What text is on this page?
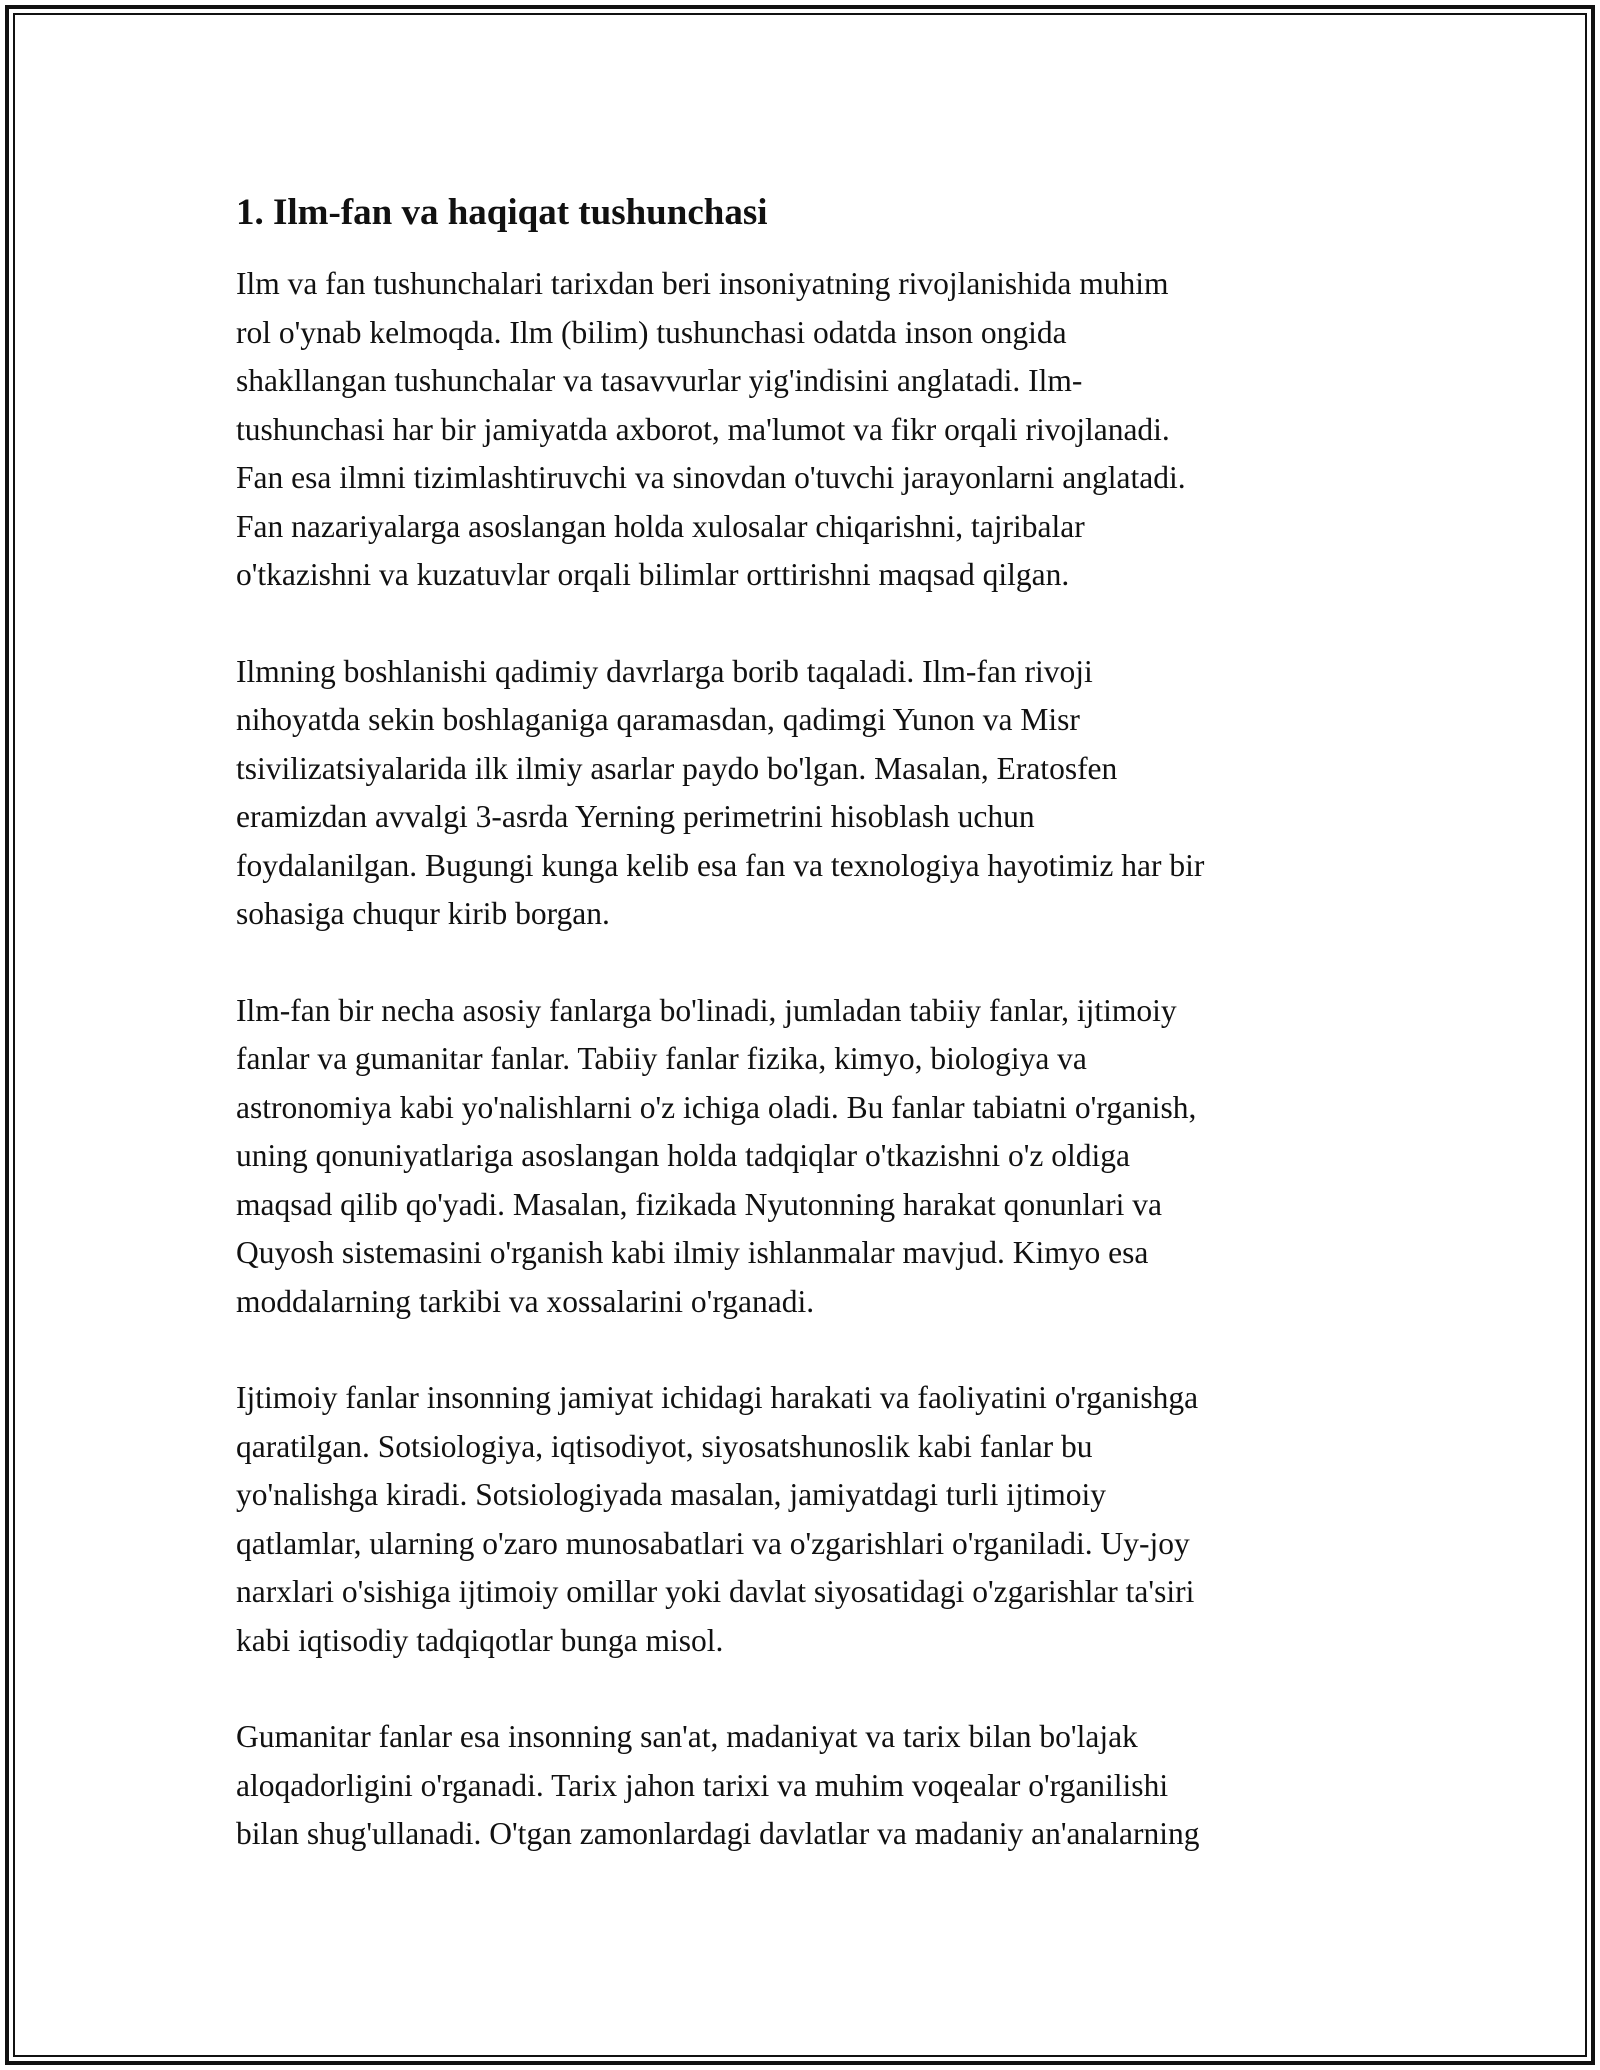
1. Ilm-fan va haqiqat tushunchasi
Ilm va fan tushunchalari tarixdan beri insoniyatning rivojlanishida muhim
rol o'ynab kelmoqda. Ilm (bilim) tushunchasi odatda inson ongida
shakllangan tushunchalar va tasavvurlar yig'indisini anglatadi. Ilm-
tushunchasi har bir jamiyatda axborot, ma'lumot va fikr orqali rivojlanadi.
Fan esa ilmni tizimlashtiruvchi va sinovdan o'tuvchi jarayonlarni anglatadi.
Fan nazariyalarga asoslangan holda xulosalar chiqarishni, tajribalar
o'tkazishni va kuzatuvlar orqali bilimlar orttirishni maqsad qilgan.
Ilmning boshlanishi qadimiy davrlarga borib taqaladi. Ilm-fan rivoji
nihoyatda sekin boshlaganiga qaramasdan, qadimgi Yunon va Misr
tsivilizatsiyalarida ilk ilmiy asarlar paydo bo'lgan. Masalan, Eratosfen
eramizdan avvalgi 3-asrda Yerning perimetrini hisoblash uchun
foydalanilgan. Bugungi kunga kelib esa fan va texnologiya hayotimiz har bir
sohasiga chuqur kirib borgan.
Ilm-fan bir necha asosiy fanlarga bo'linadi, jumladan tabiiy fanlar, ijtimoiy
fanlar va gumanitar fanlar. Tabiiy fanlar fizika, kimyo, biologiya va
astronomiya kabi yo'nalishlarni o'z ichiga oladi. Bu fanlar tabiatni o'rganish,
uning qonuniyatlariga asoslangan holda tadqiqlar o'tkazishni o'z oldiga
maqsad qilib qo'yadi. Masalan, fizikada Nyutonning harakat qonunlari va
Quyosh sistemasini o'rganish kabi ilmiy ishlanmalar mavjud. Kimyo esa
moddalarning tarkibi va xossalarini o'rganadi.
Ijtimoiy fanlar insonning jamiyat ichidagi harakati va faoliyatini o'rganishga
qaratilgan. Sotsiologiya, iqtisodiyot, siyosatshunoslik kabi fanlar bu
yo'nalishga kiradi. Sotsiologiyada masalan, jamiyatdagi turli ijtimoiy
qatlamlar, ularning o'zaro munosabatlari va o'zgarishlari o'rganiladi. Uy-joy
narxlari o'sishiga ijtimoiy omillar yoki davlat siyosatidagi o'zgarishlar ta'siri
kabi iqtisodiy tadqiqotlar bunga misol.
Gumanitar fanlar esa insonning san'at, madaniyat va tarix bilan bo'lajak
aloqadorligini o'rganadi. Tarix jahon tarixi va muhim voqealar o'rganilishi
bilan shug'ullanadi. O'tgan zamonlardagi davlatlar va madaniy an'analarning
